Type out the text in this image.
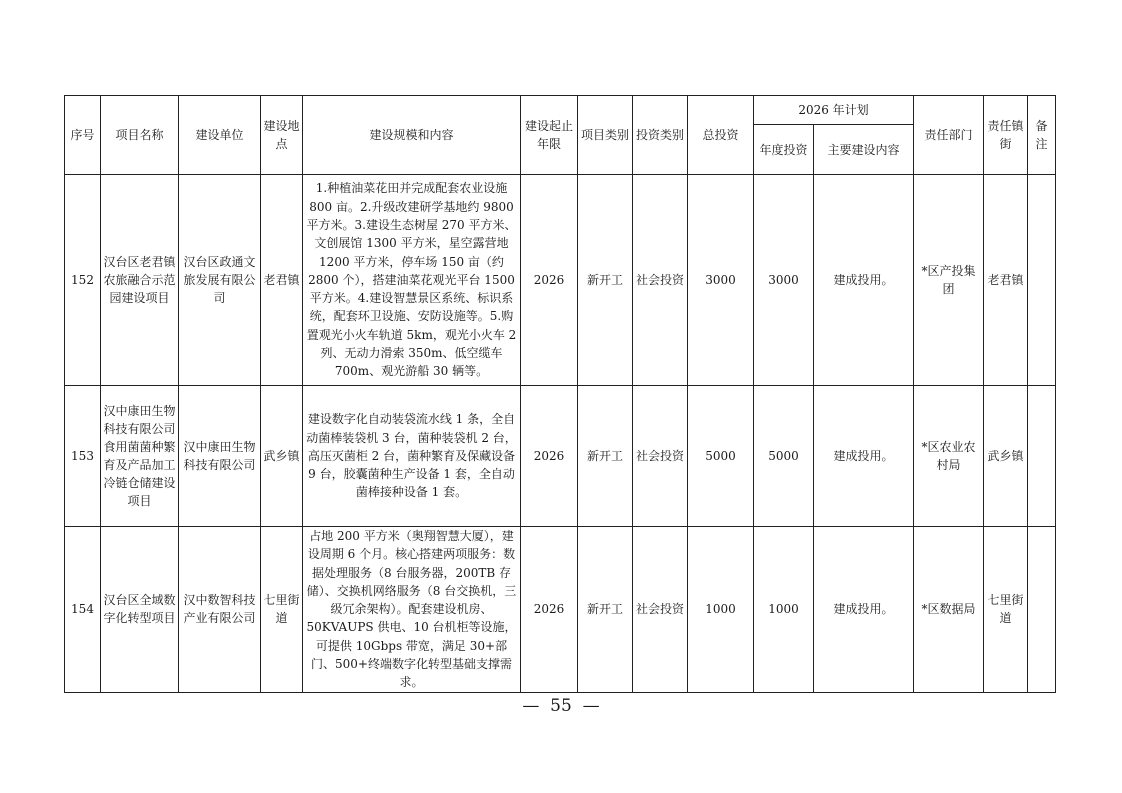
序号	项目名称	建设单位	建设地点	建设规模和内容	建设起止年限	项目类别	投资类别	总投资	2026 年计划		责任部门	责任镇街	备注
									年度投资	主要建设内容			
152	汉台区老君镇农旅融合示范园建设项目	汉台区政通文旅发展有限公司	老君镇	1.种植油菜花田并完成配套农业设施 800 亩。2.升级改建研学基地约 9800 平方米。3.建设生态树屋 270 平方米、文创展馆 1300 平方米，星空露营地 1200 平方米，停车场 150 亩（约 2800 个），搭建油菜花观光平台 1500 平方米。4.建设智慧景区系统、标识系统，配套环卫设施、安防设施等。5.购置观光小火车轨道 5km，观光小火车 2 列、无动力滑索 350m、低空缆车 700m、观光游船 30 辆等。	2026	新开工	社会投资	3000	3000	建成投用。	*区产投集团	老君镇	
153	汉中康田生物科技有限公司食用菌菌种繁育及产品加工冷链仓储建设项目	汉中康田生物科技有限公司	武乡镇	建设数字化自动装袋流水线 1 条，全自动菌棒装袋机 3 台，菌种装袋机 2 台，高压灭菌柜 2 台，菌种繁育及保藏设备 9 台，胶囊菌种生产设备 1 套，全自动菌棒接种设备 1 套。	2026	新开工	社会投资	5000	5000	建成投用。	*区农业农村局	武乡镇	
154	汉台区全域数字化转型项目	汉中数智科技产业有限公司	七里街道	占地 200 平方米（奥翔智慧大厦），建设周期 6 个月。核心搭建两项服务：数据处理服务（8 台服务器，200TB 存储）、交换机网络服务（8 台交换机，三级冗余架构）。配套建设机房、50KVAUPS 供电、10 台机柜等设施，可提供 10Gbps 带宽，满足 30+部门、500+终端数字化转型基础支撑需求。	2026	新开工	社会投资	1000	1000	建成投用。	*区数据局	七里街道	
— 55 —
